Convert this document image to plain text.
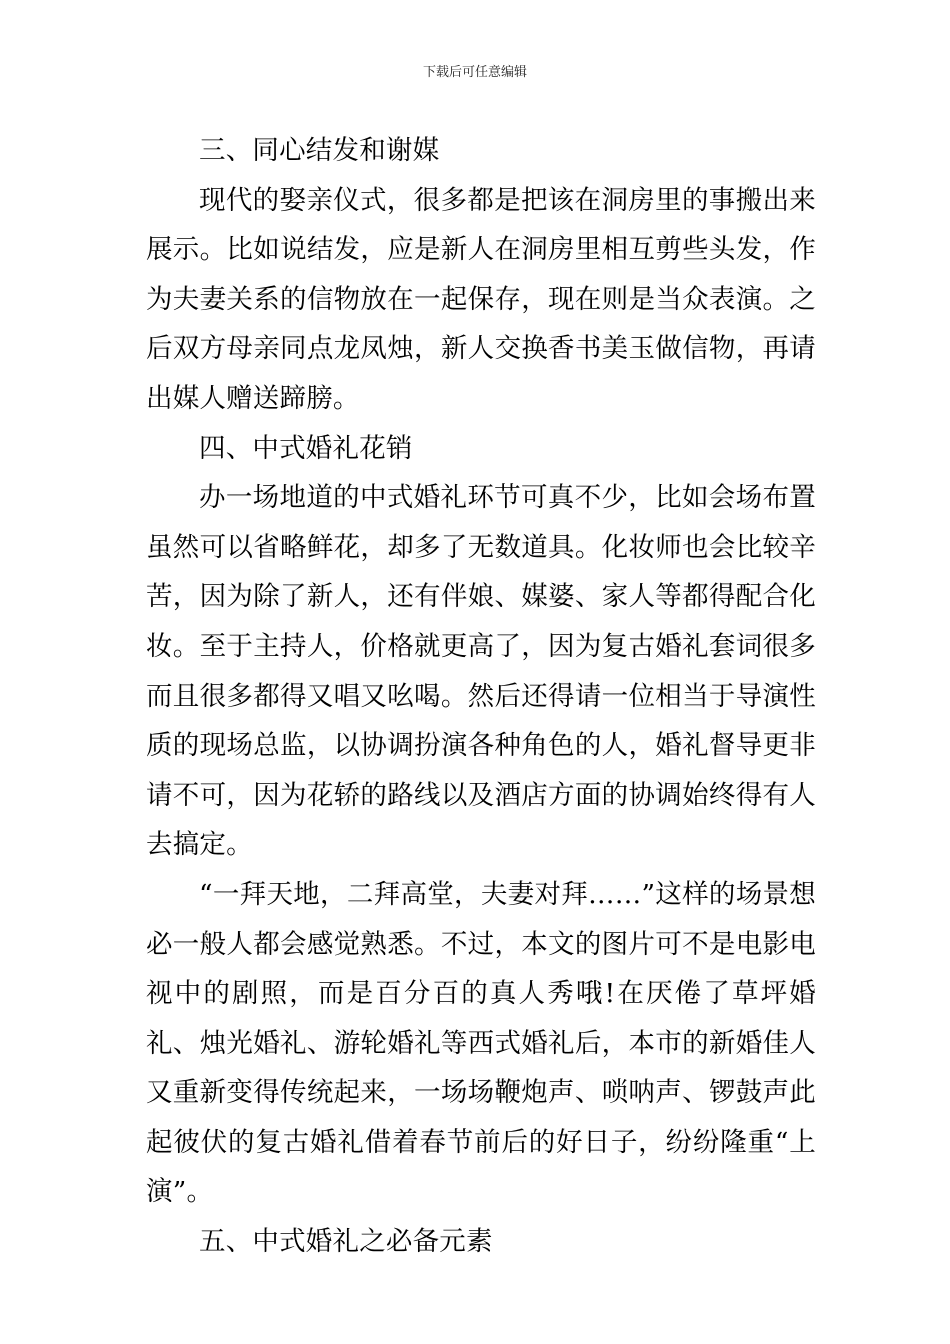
下载后可任意编辑

三、同心结发和谢媒

现代的娶亲仪式，很多都是把该在洞房里的事搬出来展示。比如说结发，应是新人在洞房里相互剪些头发，作为夫妻关系的信物放在一起保存，现在则是当众表演。之后双方母亲同点龙凤烛，新人交换香书美玉做信物，再请出媒人赠送蹄膀。

四、中式婚礼花销

办一场地道的中式婚礼环节可真不少，比如会场布置虽然可以省略鲜花，却多了无数道具。化妆师也会比较辛苦，因为除了新人，还有伴娘、媒婆、家人等都得配合化妆。至于主持人，价格就更高了，因为复古婚礼套词很多而且很多都得又唱又吆喝。然后还得请一位相当于导演性质的现场总监，以协调扮演各种角色的人，婚礼督导更非请不可，因为花轿的路线以及酒店方面的协调始终得有人去搞定。

“一拜天地，二拜高堂，夫妻对拜……”这样的场景想必一般人都会感觉熟悉。不过，本文的图片可不是电影电视中的剧照，而是百分百的真人秀哦!在厌倦了草坪婚礼、烛光婚礼、游轮婚礼等西式婚礼后，本市的新婚佳人又重新变得传统起来，一场场鞭炮声、唢呐声、锣鼓声此起彼伏的复古婚礼借着春节前后的好日子，纷纷隆重“上演”。

五、中式婚礼之必备元素
